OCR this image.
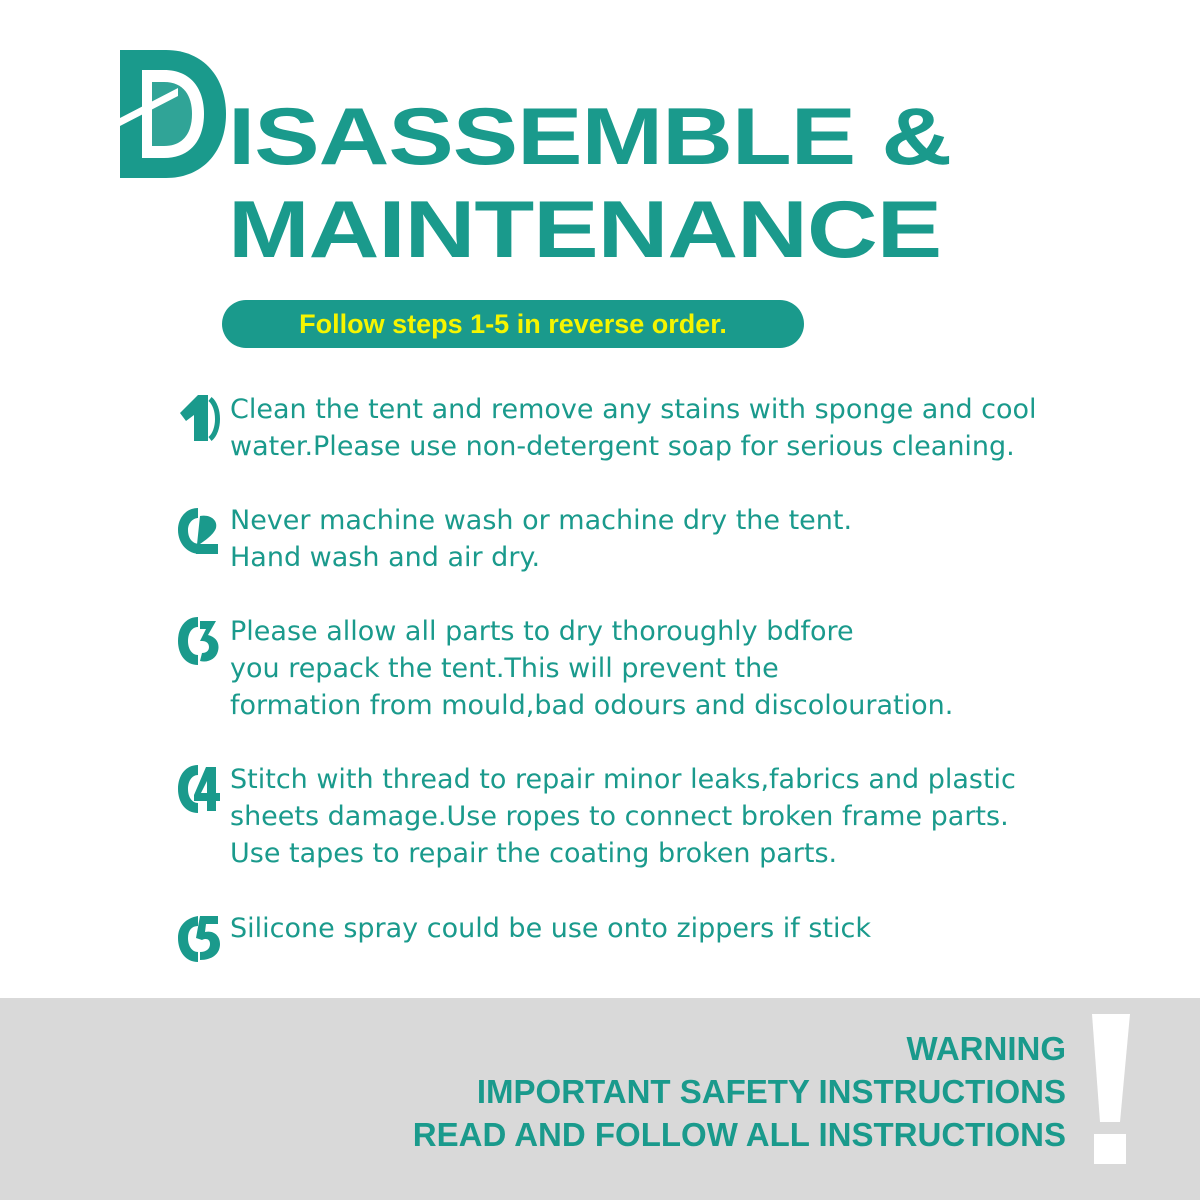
D
ISASSEMBLE &
MAINTENANCE
Follow steps 1-5 in reverse order.
Clean the tent and remove any stains with sponge and cool
water.Please use non-detergent soap for serious cleaning.
Never machine wash or machine dry the tent.
Hand wash and air dry.
Please allow all parts to dry thoroughly bdfore
you repack the tent.This will prevent the
formation from mould,bad odours and discolouration.
Stitch with thread to repair minor leaks,fabrics and plastic
sheets damage.Use ropes to connect broken frame parts.
Use tapes to repair the coating broken parts.
Silicone spray could be use onto zippers if stick
WARNING
IMPORTANT SAFETY INSTRUCTIONS
READ AND FOLLOW ALL INSTRUCTIONS
